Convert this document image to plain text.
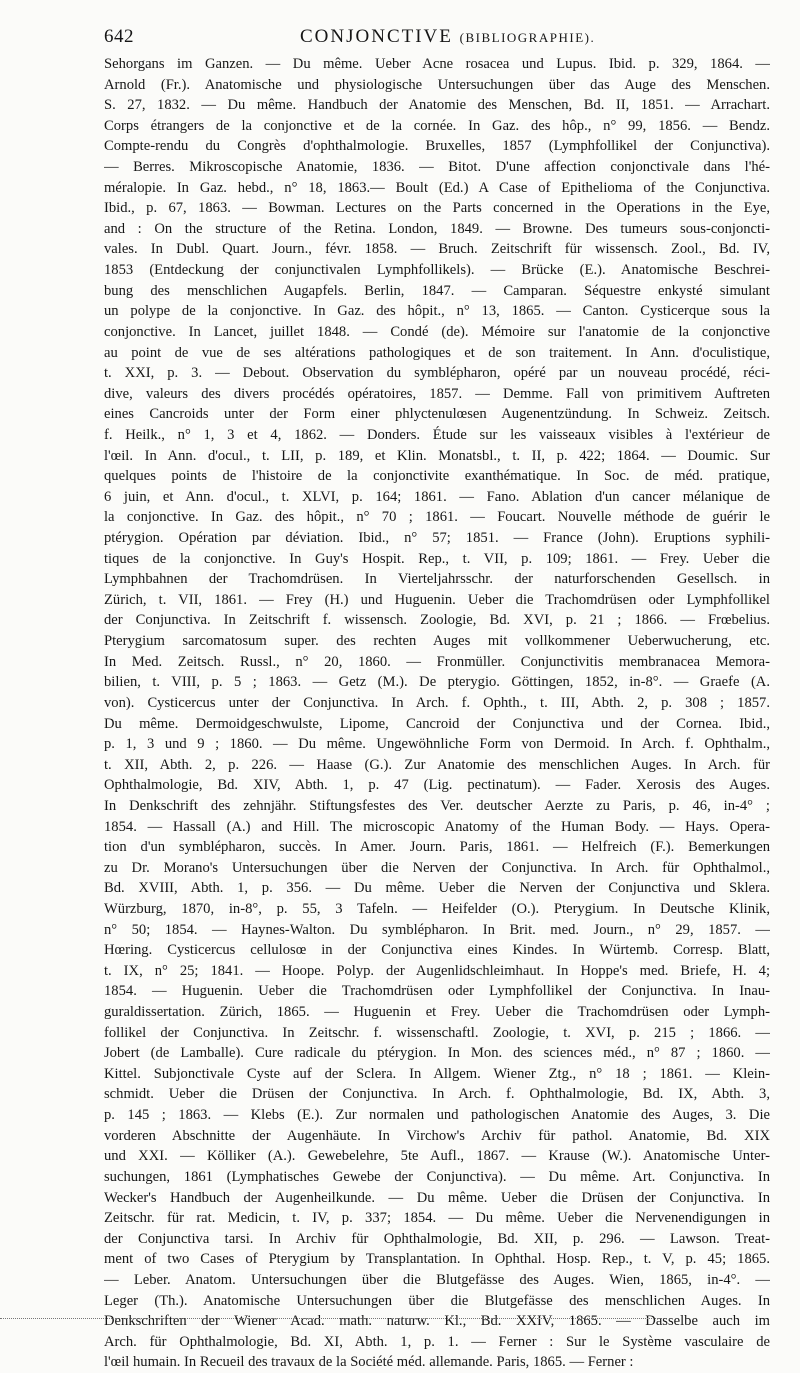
642	CONJONCTIVE (BIBLIOGRAPHIE).
Sehorgans im Ganzen. — Du même. Ueber Acne rosacea und Lupus. Ibid. p. 329, 1864. —
Arnold (Fr.). Anatomische und physiologische Untersuchungen über das Auge des Menschen.
S. 27, 1832. — Du même. Handbuch der Anatomie des Menschen, Bd. II, 1851. — Arrachart.
Corps étrangers de la conjonctive et de la cornée. In Gaz. des hôp., n° 99, 1856. — Bendz.
Compte-rendu du Congrès d'ophthalmologie. Bruxelles, 1857 (Lymphfollikel der Conjunctiva).
— Berres. Mikroscopische Anatomie, 1836. — Bitot. D'une affection conjonctivale dans l'hé-
méralopie. In Gaz. hebd., n° 18, 1863.— Boult (Ed.) A Case of Epithelioma of the Conjunctiva.
Ibid., p. 67, 1863. — Bowman. Lectures on the Parts concerned in the Operations in the Eye,
and : On the structure of the Retina. London, 1849. — Browne. Des tumeurs sous-conjoncti-
vales. In Dubl. Quart. Journ., févr. 1858. — Bruch. Zeitschrift für wissensch. Zool., Bd. IV,
1853 (Entdeckung der conjunctivalen Lymphfollikels). — Brücke (E.). Anatomische Beschrei-
bung des menschlichen Augapfels. Berlin, 1847. — Camparan. Séquestre enkysté simulant
un polype de la conjonctive. In Gaz. des hôpit., n° 13, 1865. — Canton. Cysticerque sous la
conjonctive. In Lancet, juillet 1848. — Condé (de). Mémoire sur l'anatomie de la conjonctive
au point de vue de ses altérations pathologiques et de son traitement. In Ann. d'oculistique,
t. XXI, p. 3. — Debout. Observation du symblépharon, opéré par un nouveau procédé, réci-
dive, valeurs des divers procédés opératoires, 1857. — Demme. Fall von primitivem Auftreten
eines Cancroids unter der Form einer phlyctenulœsen Augenentzündung. In Schweiz. Zeitsch.
f. Heilk., n° 1, 3 et 4, 1862. — Donders. Étude sur les vaisseaux visibles à l'extérieur de
l'œil. In Ann. d'ocul., t. LII, p. 189, et Klin. Monatsbl., t. II, p. 422; 1864. — Doumic. Sur
quelques points de l'histoire de la conjonctivite exanthématique. In Soc. de méd. pratique,
6 juin, et Ann. d'ocul., t. XLVI, p. 164; 1861. — Fano. Ablation d'un cancer mélanique de
la conjonctive. In Gaz. des hôpit., n° 70 ; 1861. — Foucart. Nouvelle méthode de guérir le
ptérygion. Opération par déviation. Ibid., n° 57; 1851. — France (John). Eruptions syphili-
tiques de la conjonctive. In Guy's Hospit. Rep., t. VII, p. 109; 1861. — Frey. Ueber die
Lymphbahnen der Trachomdrüsen. In Vierteljahrsschr. der naturforschenden Gesellsch. in
Zürich, t. VII, 1861. — Frey (H.) und Huguenin. Ueber die Trachomdrüsen oder Lymphfollikel
der Conjunctiva. In Zeitschrift f. wissensch. Zoologie, Bd. XVI, p. 21 ; 1866. — Frœbelius.
Pterygium sarcomatosum super. des rechten Auges mit vollkommener Ueberwucherung, etc.
In Med. Zeitsch. Russl., n° 20, 1860. — Fronmüller. Conjunctivitis membranacea Memora-
bilien, t. VIII, p. 5 ; 1863. — Getz (M.). De pterygio. Göttingen, 1852, in-8°. — Graefe (A.
von). Cysticercus unter der Conjunctiva. In Arch. f. Ophth., t. III, Abth. 2, p. 308 ; 1857.
Du même. Dermoidgeschwulste, Lipome, Cancroid der Conjunctiva und der Cornea. Ibid.,
p. 1, 3 und 9 ; 1860. — Du même. Ungewöhnliche Form von Dermoid. In Arch. f. Ophthalm.,
t. XII, Abth. 2, p. 226. — Haase (G.). Zur Anatomie des menschlichen Auges. In Arch. für
Ophthalmologie, Bd. XIV, Abth. 1, p. 47 (Lig. pectinatum). — Fader. Xerosis des Auges.
In Denkschrift des zehnjähr. Stiftungsfestes des Ver. deutscher Aerzte zu Paris, p. 46, in-4° ;
1854. — Hassall (A.) and Hill. The microscopic Anatomy of the Human Body. — Hays. Opera-
tion d'un symblépharon, succès. In Amer. Journ. Paris, 1861. — Helfreich (F.). Bemerkungen
zu Dr. Morano's Untersuchungen über die Nerven der Conjunctiva. In Arch. für Ophthalmol.,
Bd. XVIII, Abth. 1, p. 356. — Du même. Ueber die Nerven der Conjunctiva und Sklera.
Würzburg, 1870, in-8°, p. 55, 3 Tafeln. — Heifelder (O.). Pterygium. In Deutsche Klinik,
n° 50; 1854. — Haynes-Walton. Du symblépharon. In Brit. med. Journ., n° 29, 1857. —
Hœring. Cysticercus cellulosœ in der Conjunctiva eines Kindes. In Würtemb. Corresp. Blatt,
t. IX, n° 25; 1841. — Hoope. Polyp. der Augenlidschleimhaut. In Hoppe's med. Briefe, H. 4;
1854. — Huguenin. Ueber die Trachomdrüsen oder Lymphfollikel der Conjunctiva. In Inau-
guraldissertation. Zürich, 1865. — Huguenin et Frey. Ueber die Trachomdrüsen oder Lymph-
follikel der Conjunctiva. In Zeitschr. f. wissenschaftl. Zoologie, t. XVI, p. 215 ; 1866. —
Jobert (de Lamballe). Cure radicale du ptérygion. In Mon. des sciences méd., n° 87 ; 1860. —
Kittel. Subjonctivale Cyste auf der Sclera. In Allgem. Wiener Ztg., n° 18 ; 1861. — Klein-
schmidt. Ueber die Drüsen der Conjunctiva. In Arch. f. Ophthalmologie, Bd. IX, Abth. 3,
p. 145 ; 1863. — Klebs (E.). Zur normalen und pathologischen Anatomie des Auges, 3. Die
vorderen Abschnitte der Augenhäute. In Virchow's Archiv für pathol. Anatomie, Bd. XIX
und XXI. — Kölliker (A.). Gewebelehre, 5te Aufl., 1867. — Krause (W.). Anatomische Unter-
suchungen, 1861 (Lymphatisches Gewebe der Conjunctiva). — Du même. Art. Conjunctiva. In
Wecker's Handbuch der Augenheilkunde. — Du même. Ueber die Drüsen der Conjunctiva. In
Zeitschr. für rat. Medicin, t. IV, p. 337; 1854. — Du même. Ueber die Nervenendigungen in
der Conjunctiva tarsi. In Archiv für Ophthalmologie, Bd. XII, p. 296. — Lawson. Treat-
ment of two Cases of Pterygium by Transplantation. In Ophthal. Hosp. Rep., t. V, p. 45; 1865.
— Leber. Anatom. Untersuchungen über die Blutgefässe des Auges. Wien, 1865, in-4°. —
Leger (Th.). Anatomische Untersuchungen über die Blutgefässe des menschlichen Auges. In
Denkschriften der Wiener Acad. math. naturw. Kl., Bd. XXIV, 1865. — Dasselbe auch im
Arch. für Ophthalmologie, Bd. XI, Abth. 1, p. 1. — Ferner : Sur le Système vasculaire de
l'œil humain. In Recueil des travaux de la Société méd. allemande. Paris, 1865. — Ferner :
